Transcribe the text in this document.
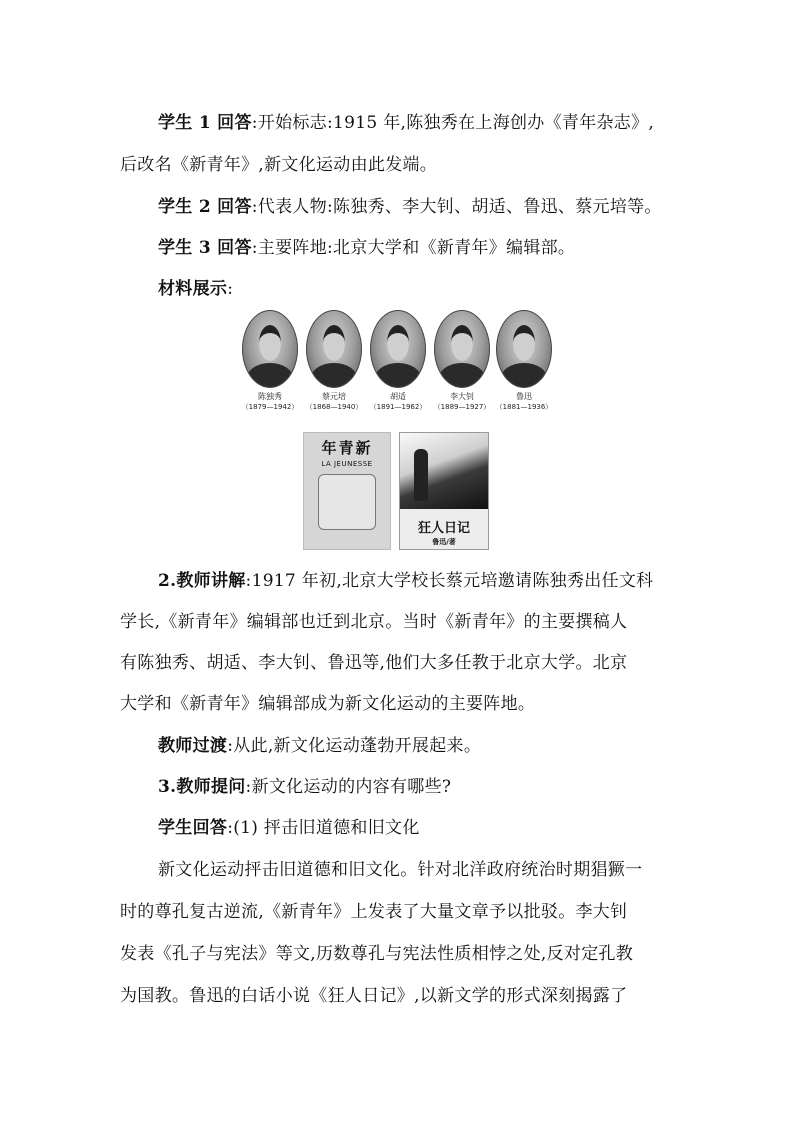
学生 1 回答:开始标志:1915 年,陈独秀在上海创办《青年杂志》,
后改名《新青年》,新文化运动由此发端。
学生 2 回答:代表人物:陈独秀、李大钊、胡适、鲁迅、蔡元培等。
学生 3 回答:主要阵地:北京大学和《新青年》编辑部。
材料展示:
陈独秀
（1879—1942）
蔡元培
（1868—1940）
胡适
（1891—1962）
李大钊
（1889—1927）
鲁迅
（1881—1936）
年青新
LA JEUNESSE
狂人日记
鲁迅/著
2.教师讲解:1917 年初,北京大学校长蔡元培邀请陈独秀出任文科
学长,《新青年》编辑部也迁到北京。当时《新青年》的主要撰稿人
有陈独秀、胡适、李大钊、鲁迅等,他们大多任教于北京大学。北京
大学和《新青年》编辑部成为新文化运动的主要阵地。
教师过渡:从此,新文化运动蓬勃开展起来。
3.教师提问:新文化运动的内容有哪些?
学生回答:(1) 抨击旧道德和旧文化
新文化运动抨击旧道德和旧文化。针对北洋政府统治时期猖獗一
时的尊孔复古逆流,《新青年》上发表了大量文章予以批驳。李大钊
发表《孔子与宪法》等文,历数尊孔与宪法性质相悖之处,反对定孔教
为国教。鲁迅的白话小说《狂人日记》,以新文学的形式深刻揭露了
